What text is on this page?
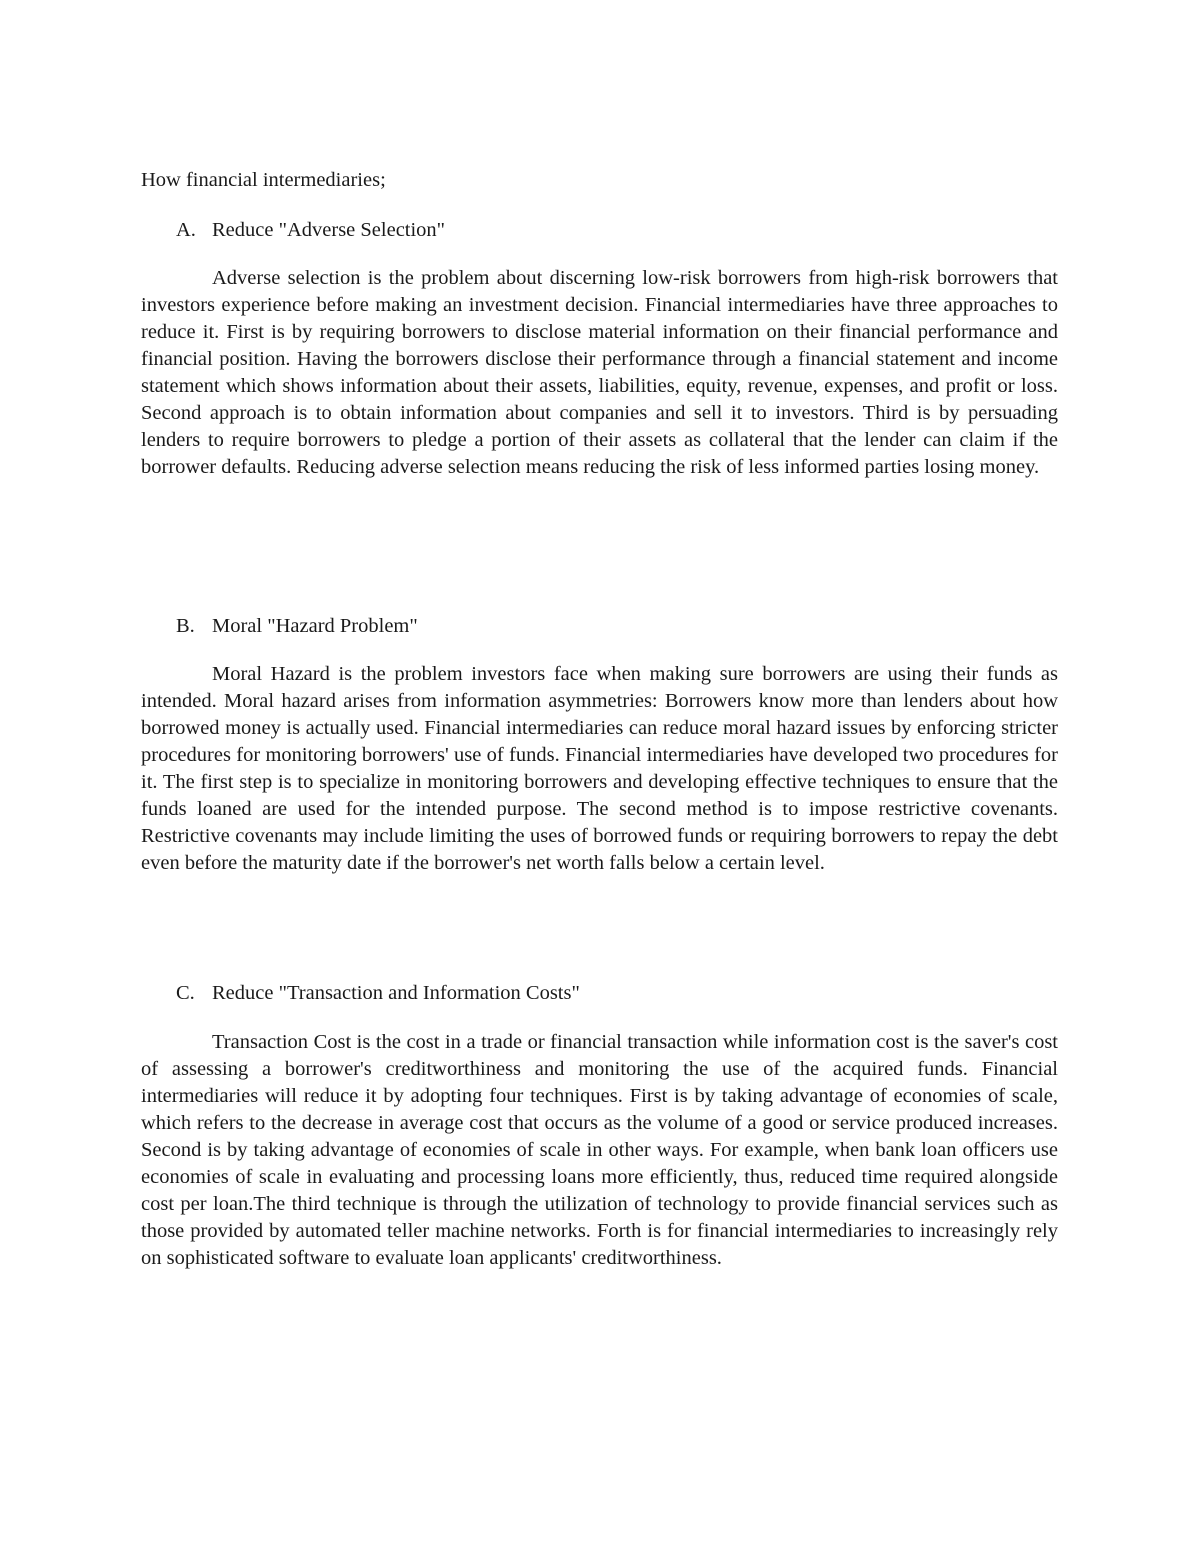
How financial intermediaries;

A. Reduce "Adverse Selection"

Adverse selection is the problem about discerning low-risk borrowers from high-risk borrowers that investors experience before making an investment decision. Financial intermediaries have three approaches to reduce it. First is by requiring borrowers to disclose material information on their financial performance and financial position. Having the borrowers disclose their performance through a financial statement and income statement which shows information about their assets, liabilities, equity, revenue, expenses, and profit or loss. Second approach is to obtain information about companies and sell it to investors. Third is by persuading lenders to require borrowers to pledge a portion of their assets as collateral that the lender can claim if the borrower defaults. Reducing adverse selection means reducing the risk of less informed parties losing money.

B. Moral "Hazard Problem"

Moral Hazard is the problem investors face when making sure borrowers are using their funds as intended. Moral hazard arises from information asymmetries: Borrowers know more than lenders about how borrowed money is actually used. Financial intermediaries can reduce moral hazard issues by enforcing stricter procedures for monitoring borrowers' use of funds. Financial intermediaries have developed two procedures for it. The first step is to specialize in monitoring borrowers and developing effective techniques to ensure that the funds loaned are used for the intended purpose. The second method is to impose restrictive covenants. Restrictive covenants may include limiting the uses of borrowed funds or requiring borrowers to repay the debt even before the maturity date if the borrower's net worth falls below a certain level.

C. Reduce "Transaction and Information Costs"

Transaction Cost is the cost in a trade or financial transaction while information cost is the saver's cost of assessing a borrower's creditworthiness and monitoring the use of the acquired funds. Financial intermediaries will reduce it by adopting four techniques. First is by taking advantage of economies of scale, which refers to the decrease in average cost that occurs as the volume of a good or service produced increases. Second is by taking advantage of economies of scale in other ways. For example, when bank loan officers use economies of scale in evaluating and processing loans more efficiently, thus, reduced time required alongside cost per loan.The third technique is through the utilization of technology to provide financial services such as those provided by automated teller machine networks. Forth is for financial intermediaries to increasingly rely on sophisticated software to evaluate loan applicants' creditworthiness.
